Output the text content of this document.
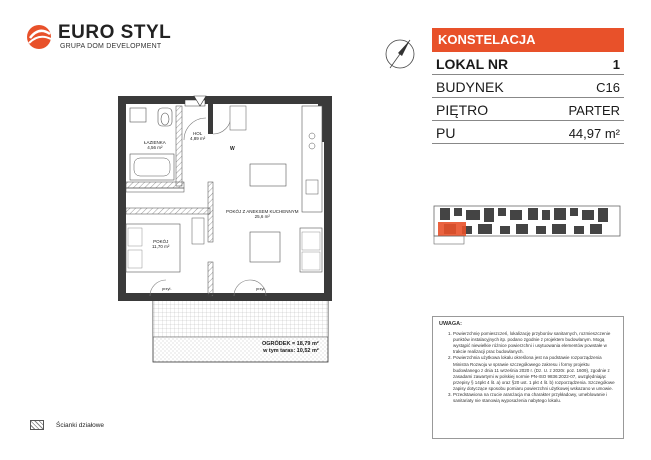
EURO STYL
GRUPA DOM DEVELOPMENT	KONSTELACJA
LOKAL NR	1
BUDYNEK	C16
PIĘTRO	PARTER
PU	44,97 m²
ŁAZIENKA
4,56 m²
HOL
4,89 m²
W
POKÓJ Z ANEKSEM KUCHENNYM
25,6 m²
POKÓJ
11,70 m²
przyl.	przyl.
OGRÓDEK = 18,79 m²
w tym taras: 10,52 m²
UWAGA:
1. Powierzchnię pomieszczeń, lokalizację przyborów sanitarnych, rozmieszczenie punktów instalacyjnych itp. podano zgodnie z projektem budowlanym. Mogą wystąpić niewielkie różnice powierzchni i usytuowania elementów powstałe w trakcie realizacji prac budowlanych.
2. Powierzchnia użytkowa lokalu określona jest na podstawie rozporządzenia Ministra Rozwoju w sprawie szczegółowego zakresu i formy projektu budowlanego z dnia 11 września 2020 r. (Dz. U. z 2020r. poz. 1609), zgodnie z zasadami zawartymi w polskiej normie PN-ISO 9836:2022-07, uwzględniając przepisy § 14pkt 4 lit. a) oraz §20 ust. 1 pkt 4 lit. b) rozporządzenia. Szczegółowe zapisy dotyczące sposobu pomiaru powierzchni użytkowej wskazano w umowie.
3. Przedstawiona na rzucie aranżacja ma charakter przykładowy, umeblowanie i sanitariaty nie stanowią wyposażenia nabytego lokalu.
Ścianki działowe
